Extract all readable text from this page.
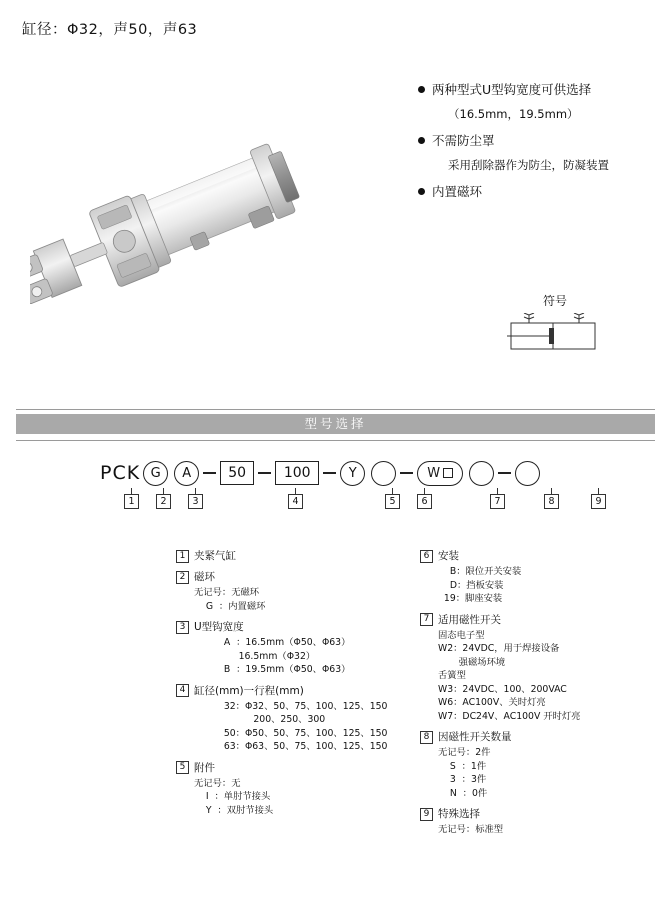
缸径：Φ32，声50，声63
两种型式U型钩宽度可供选择
（16.5mm，19.5mm）
不需防尘罩
采用刮除器作为防尘，防凝装置
内置磁环
符号
型号选择
PCK G	A	50	100	Y	W
1	2	3	4	5	6	7	8	9
1 夹紧气缸
2 磁环
无记号：无磁环
G  ：内置磁环
3 U型钩宽度
A  ：16.5mm（Φ50、Φ63）
16.5mm（Φ32）
B  ：19.5mm（Φ50、Φ63）
4 缸径(mm)一行程(mm)
32：Φ32、50、75、100、125、150
200、250、300
50：Φ50、50、75、100、125、150
63：Φ63、50、75、100、125、150
5 附件
无记号：无
I  ：单肘节接头
Y  ：双肘节接头
6 安装
B：限位开关安装
D：挡板安装
19：脚座安装
7 适用磁性开关
固态电子型
W2：24VDC，用于焊接设备
强磁场环境
舌簧型
W3：24VDC、100、200VAC
W6：AC100V、关时灯亮
W7：DC24V、AC100V 开时灯亮
8 因磁性开关数量
无记号：2件
S  ：1件
3  ：3件
N  ：0件
9 特殊选择
无记号：标准型
